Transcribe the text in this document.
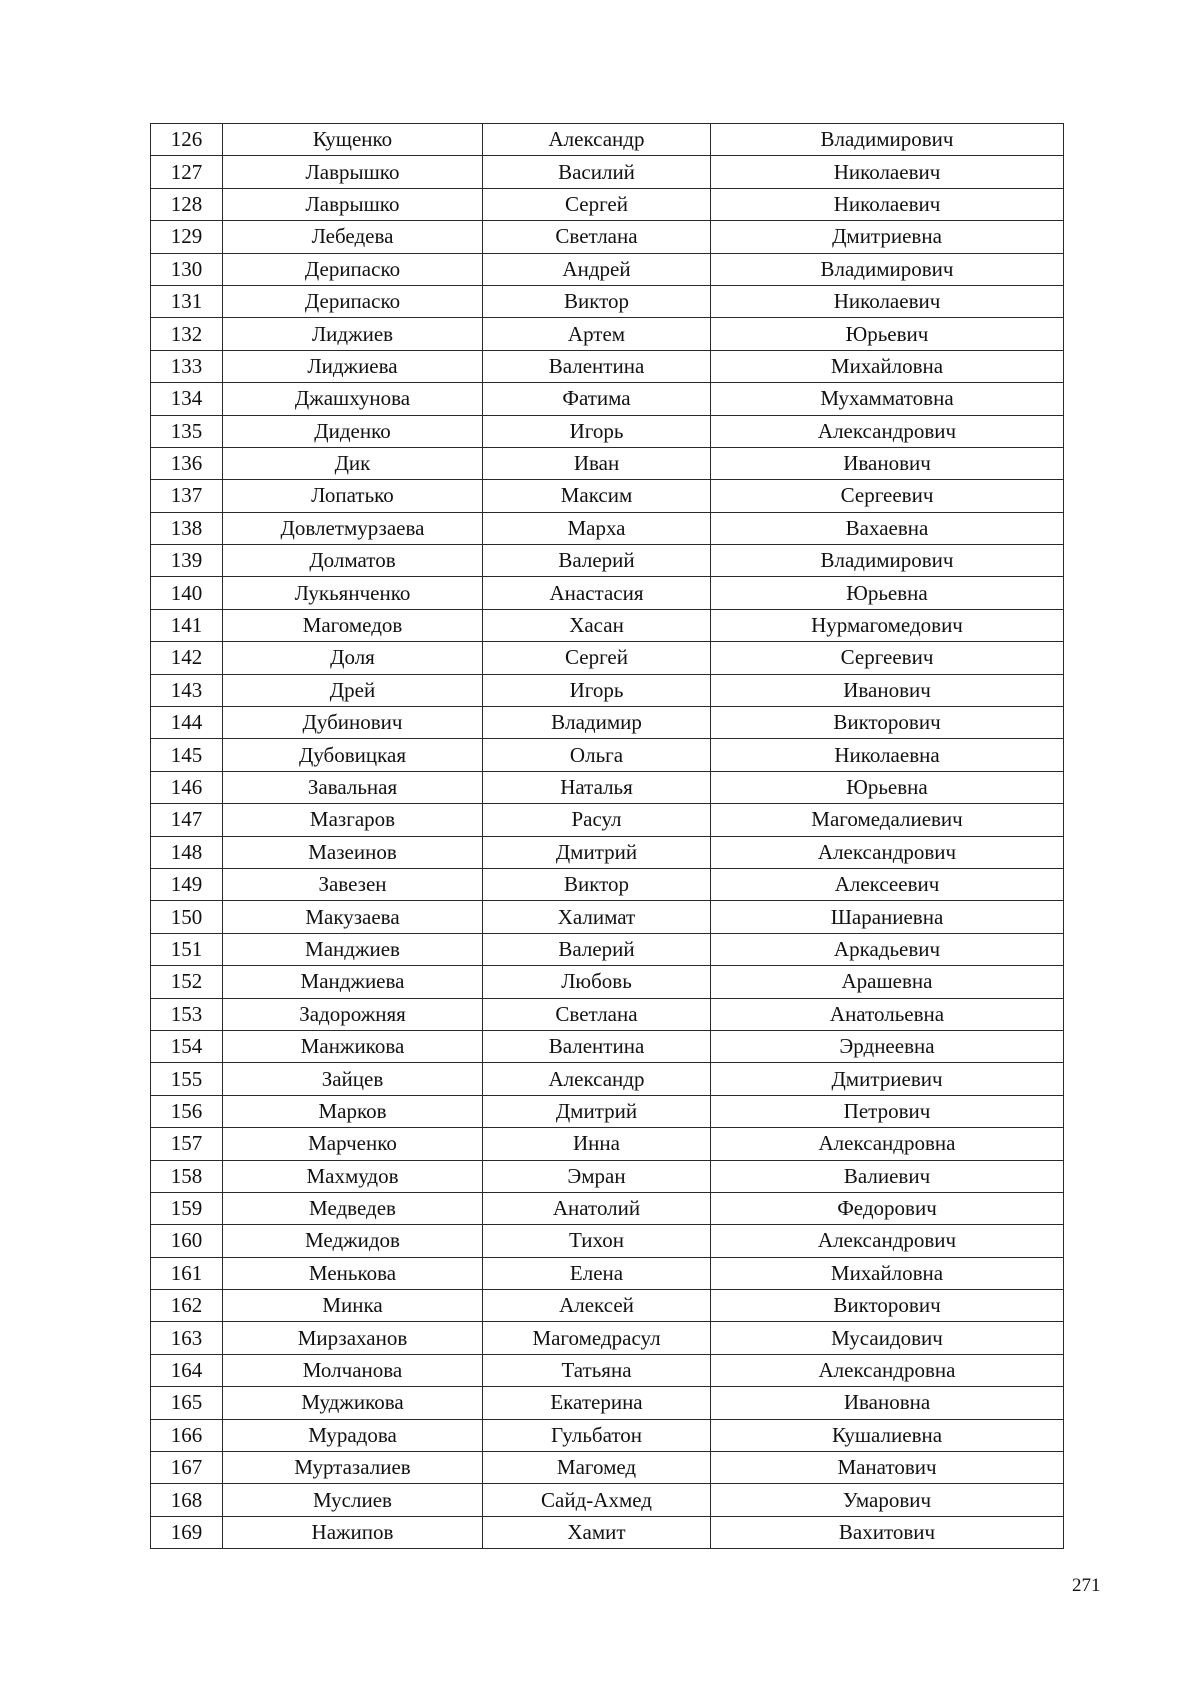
126	Кущенко	Александр	Владимирович
127	Лаврышко	Василий	Николаевич
128	Лаврышко	Сергей	Николаевич
129	Лебедева	Светлана	Дмитриевна
130	Дерипаско	Андрей	Владимирович
131	Дерипаско	Виктор	Николаевич
132	Лиджиев	Артем	Юрьевич
133	Лиджиева	Валентина	Михайловна
134	Джашхунова	Фатима	Мухамматовна
135	Диденко	Игорь	Александрович
136	Дик	Иван	Иванович
137	Лопатько	Максим	Сергеевич
138	Довлетмурзаева	Марха	Вахаевна
139	Долматов	Валерий	Владимирович
140	Лукьянченко	Анастасия	Юрьевна
141	Магомедов	Хасан	Нурмагомедович
142	Доля	Сергей	Сергеевич
143	Дрей	Игорь	Иванович
144	Дубинович	Владимир	Викторович
145	Дубовицкая	Ольга	Николаевна
146	Завальная	Наталья	Юрьевна
147	Мазгаров	Расул	Магомедалиевич
148	Мазеинов	Дмитрий	Александрович
149	Завезен	Виктор	Алексеевич
150	Макузаева	Халимат	Шараниевна
151	Манджиев	Валерий	Аркадьевич
152	Манджиева	Любовь	Арашевна
153	Задорожняя	Светлана	Анатольевна
154	Манжикова	Валентина	Эрднеевна
155	Зайцев	Александр	Дмитриевич
156	Марков	Дмитрий	Петрович
157	Марченко	Инна	Александровна
158	Махмудов	Эмран	Валиевич
159	Медведев	Анатолий	Федорович
160	Меджидов	Тихон	Александрович
161	Менькова	Елена	Михайловна
162	Минка	Алексей	Викторович
163	Мирзаханов	Магомедрасул	Мусаидович
164	Молчанова	Татьяна	Александровна
165	Муджикова	Екатерина	Ивановна
166	Мурадова	Гульбатон	Кушалиевна
167	Муртазалиев	Магомед	Манатович
168	Муслиев	Сайд-Ахмед	Умарович
169	Нажипов	Хамит	Вахитович
271
